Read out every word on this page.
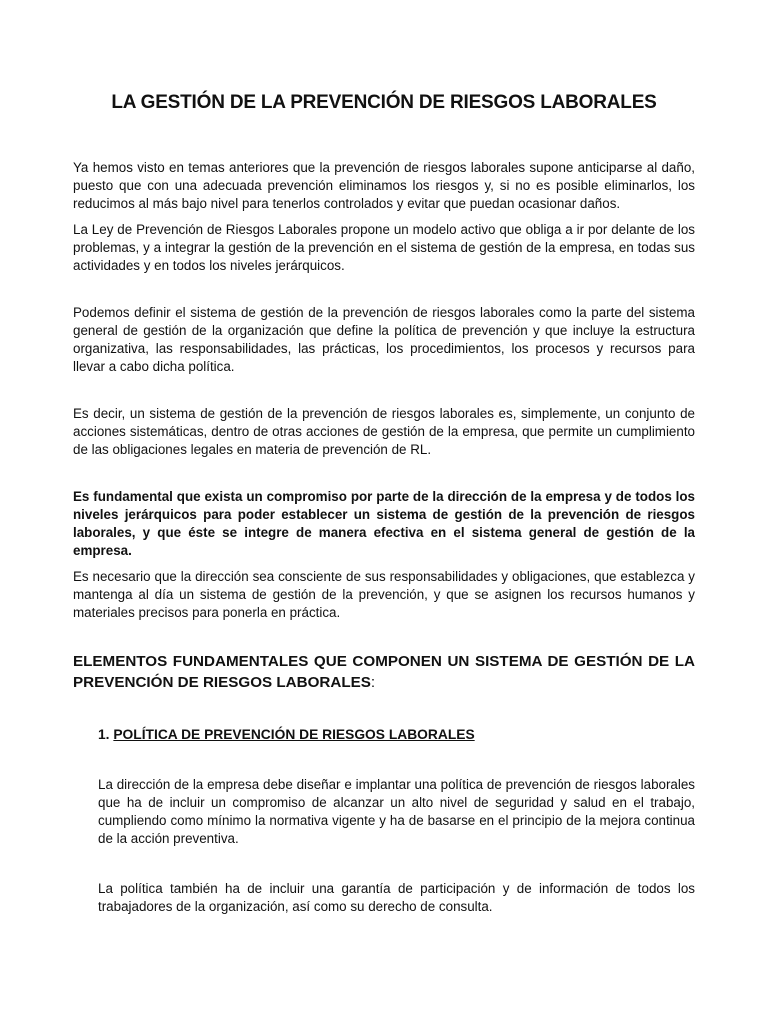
LA GESTIÓN DE LA PREVENCIÓN DE RIESGOS LABORALES

Ya hemos visto en temas anteriores que la prevención de riesgos laborales supone anticiparse al daño, puesto que con una adecuada prevención eliminamos los riesgos y, si no es posible eliminarlos, los reducimos al más bajo nivel para tenerlos controlados y evitar que puedan ocasionar daños.

La Ley de Prevención de Riesgos Laborales propone un modelo activo que obliga a ir por delante de los problemas, y a integrar la gestión de la prevención en el sistema de gestión de la empresa, en todas sus actividades y en todos los niveles jerárquicos.

Podemos definir el sistema de gestión de la prevención de riesgos laborales como la parte del sistema general de gestión de la organización que define la política de prevención y que incluye la estructura organizativa, las responsabilidades, las prácticas, los procedimientos, los procesos y recursos para llevar a cabo dicha política.

Es decir, un sistema de gestión de la prevención de riesgos laborales es, simplemente, un conjunto de acciones sistemáticas, dentro de otras acciones de gestión de la empresa, que permite un cumplimiento de las obligaciones legales en materia de prevención de RL.

Es fundamental que exista un compromiso por parte de la dirección de la empresa y de todos los niveles jerárquicos para poder establecer un sistema de gestión de la prevención de riesgos laborales, y que éste se integre de manera efectiva en el sistema general de gestión de la empresa.

Es necesario que la dirección sea consciente de sus responsabilidades y obligaciones, que establezca y mantenga al día un sistema de gestión de la prevención, y que se asignen los recursos humanos y materiales precisos para ponerla en práctica.

ELEMENTOS FUNDAMENTALES QUE COMPONEN UN SISTEMA DE GESTIÓN DE LA PREVENCIÓN DE RIESGOS LABORALES:
1. POLÍTICA DE PREVENCIÓN DE RIESGOS LABORALES

La dirección de la empresa debe diseñar e implantar una política de prevención de riesgos laborales que ha de incluir un compromiso de alcanzar un alto nivel de seguridad y salud en el trabajo, cumpliendo como mínimo la normativa vigente y ha de basarse en el principio de la mejora continua de la acción preventiva.

La política también ha de incluir una garantía de participación y de información de todos los trabajadores de la organización, así como su derecho de consulta.
